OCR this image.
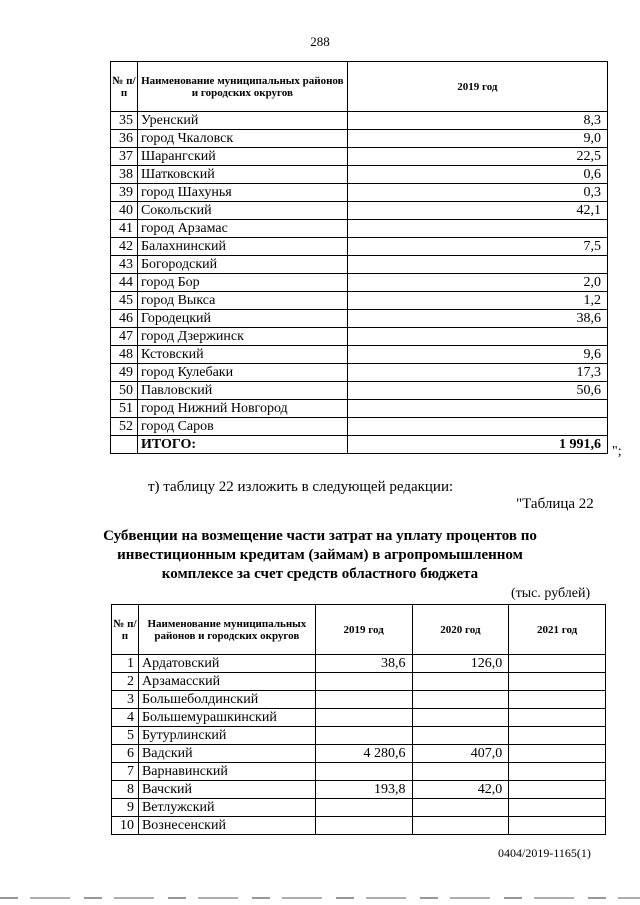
288
№ п/п	Наименование муниципальных районов и городских округов	2019 год
35	Уренский	8,3
36	город Чкаловск	9,0
37	Шарангский	22,5
38	Шатковский	0,6
39	город Шахунья	0,3
40	Сокольский	42,1
41	город Арзамас	
42	Балахнинский	7,5
43	Богородский	
44	город Бор	2,0
45	город Выкса	1,2
46	Городецкий	38,6
47	город Дзержинск	
48	Кстовский	9,6
49	город Кулебаки	17,3
50	Павловский	50,6
51	город Нижний Новгород	
52	город Саров	
	ИТОГО:	1 991,6 ";
т) таблицу 22 изложить в следующей редакции:
"Таблица 22
Субвенции на возмещение части затрат на уплату процентов по инвестиционным кредитам (займам) в агропромышленном комплексе за счет средств областного бюджета
(тыс. рублей)
№ п/п	Наименование муниципальных районов и городских округов	2019 год	2020 год	2021 год
1	Ардатовский	38,6	126,0	
2	Арзамасский			
3	Большеболдинский			
4	Большемурашкинский			
5	Бутурлинский			
6	Вадский	4 280,6	407,0	
7	Варнавинский			
8	Вачский	193,8	42,0	
9	Ветлужский			
10	Вознесенский			
0404/2019-1165(1)
